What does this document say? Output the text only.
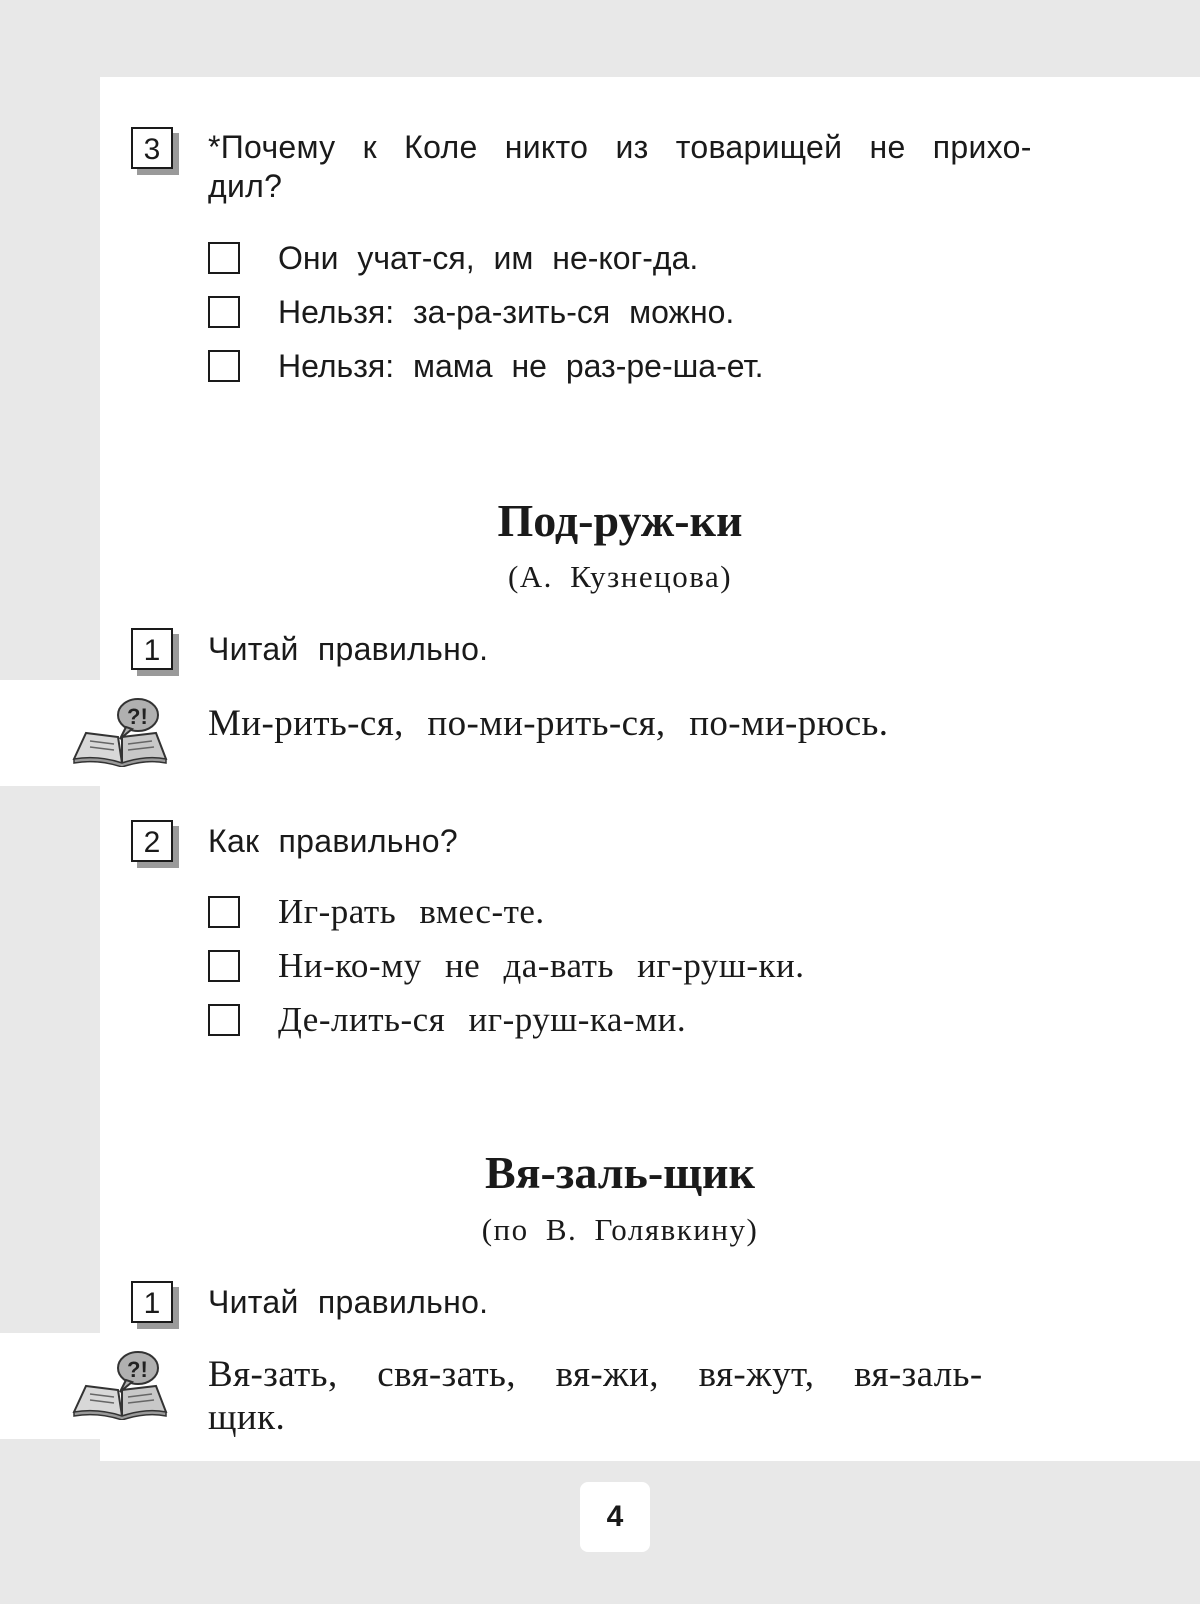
3	*Почему к Коле никто из товарищей не прихо-
дил?
Они учат-ся, им не-ког-да.
Нельзя: за-ра-зить-ся можно.
Нельзя: мама не раз-ре-ша-ет.
Под-руж-ки
(А. Кузнецова)
1	Читай правильно.
?! Ми-рить-ся, по-ми-рить-ся, по-ми-рюсь.
2	Как правильно?
Иг-рать вмес-те.
Ни-ко-му не да-вать иг-руш-ки.
Де-лить-ся иг-руш-ка-ми.
Вя-заль-щик
(по В. Голявкину)
1	Читай правильно.
?! Вя-зать, свя-зать, вя-жи, вя-жут, вя-заль-
щик.
4
